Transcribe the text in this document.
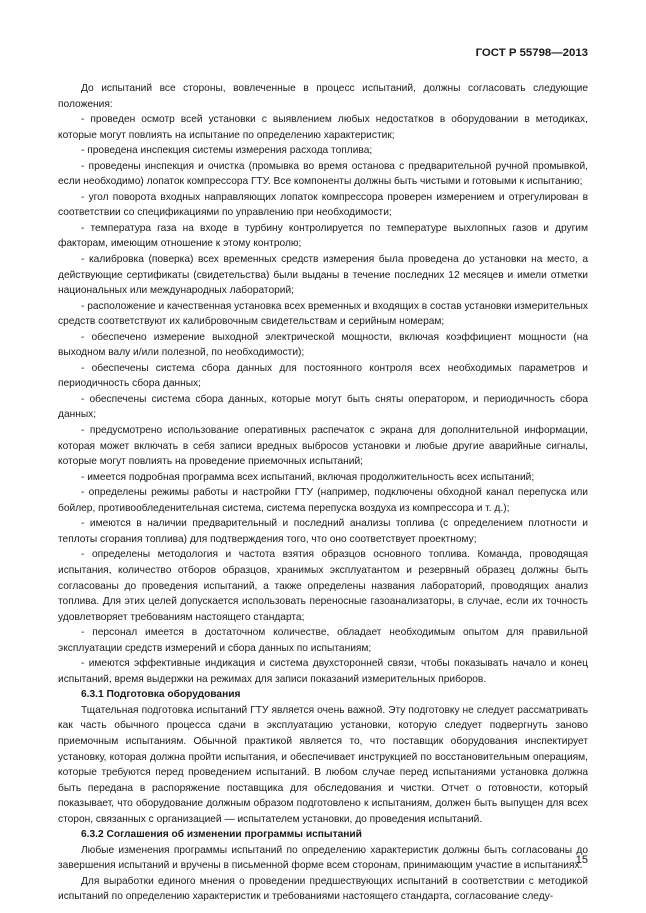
ГОСТ Р 55798—2013

До испытаний все стороны, вовлеченные в процесс испытаний, должны согласовать следующие положения:

- проведен осмотр всей установки с выявлением любых недостатков в оборудовании в методиках, которые могут повлиять на испытание по определению характеристик;

- проведена инспекция системы измерения расхода топлива;

- проведены инспекция и очистка (промывка во время останова с предварительной ручной промывкой, если необходимо) лопаток компрессора ГТУ. Все компоненты должны быть чистыми и готовыми к испытанию;

- угол поворота входных направляющих лопаток компрессора проверен измерением и отрегулирован в соответствии со спецификациями по управлению при необходимости;

- температура газа на входе в турбину контролируется по температуре выхлопных газов и другим факторам, имеющим отношение к этому контролю;

- калибровка (поверка) всех временных средств измерения была проведена до установки на место, а действующие сертификаты (свидетельства) были выданы в течение последних 12 месяцев и имели отметки национальных или международных лабораторий;

- расположение и качественная установка всех временных и входящих в состав установки измерительных средств соответствуют их калибровочным свидетельствам и серийным номерам;

- обеспечено измерение выходной электрической мощности, включая коэффициент мощности (на выходном валу и/или полезной, по необходимости);

- обеспечены система сбора данных для постоянного контроля всех необходимых параметров и периодичность сбора данных;

- обеспечены система сбора данных, которые могут быть сняты оператором, и периодичность сбора данных;

- предусмотрено использование оперативных распечаток с экрана для дополнительной информации, которая может включать в себя записи вредных выбросов установки и любые другие аварийные сигналы, которые могут повлиять на проведение приемочных испытаний;

- имеется подробная программа всех испытаний, включая продолжительность всех испытаний;

- определены режимы работы и настройки ГТУ (например, подключены обходной канал перепуска или бойлер, противообледенительная система, система перепуска воздуха из компрессора и т. д.);

- имеются в наличии предварительный и последний анализы топлива (с определением плотности и теплоты сгорания топлива) для подтверждения того, что оно соответствует проектному;

- определены методология и частота взятия образцов основного топлива. Команда, проводящая испытания, количество отборов образцов, хранимых эксплуатантом и резервный образец должны быть согласованы до проведения испытаний, а также определены названия лабораторий, проводящих анализ топлива. Для этих целей допускается использовать переносные газоанализаторы, в случае, если их точность удовлетворяет требованиям настоящего стандарта;

- персонал имеется в достаточном количестве, обладает необходимым опытом для правильной эксплуатации средств измерений и сбора данных по испытаниям;

- имеются эффективные индикация и система двухсторонней связи, чтобы показывать начало и конец испытаний, время выдержки на режимах для записи показаний измерительных приборов.

6.3.1 Подготовка оборудования

Тщательная подготовка испытаний ГТУ является очень важной. Эту подготовку не следует рассматривать как часть обычного процесса сдачи в эксплуатацию установки, которую следует подвергнуть заново приемочным испытаниям. Обычной практикой является то, что поставщик оборудования инспектирует установку, которая должна пройти испытания, и обеспечивает инструкцией по восстановительным операциям, которые требуются перед проведением испытаний. В любом случае перед испытаниями установка должна быть передана в распоряжение поставщика для обследования и чистки. Отчет о готовности, который показывает, что оборудование должным образом подготовлено к испытаниям, должен быть выпущен для всех сторон, связанных с организацией — испытателем установки, до проведения испытаний.

6.3.2 Соглашения об изменении программы испытаний

Любые изменения программы испытаний по определению характеристик должны быть согласованы до завершения испытаний и вручены в письменной форме всем сторонам, принимающим участие в испытаниях.

Для выработки единого мнения о проведении предшествующих испытаний в соответствии с методикой испытаний по определению характеристик и требованиями настоящего стандарта, согласование следу-

15
